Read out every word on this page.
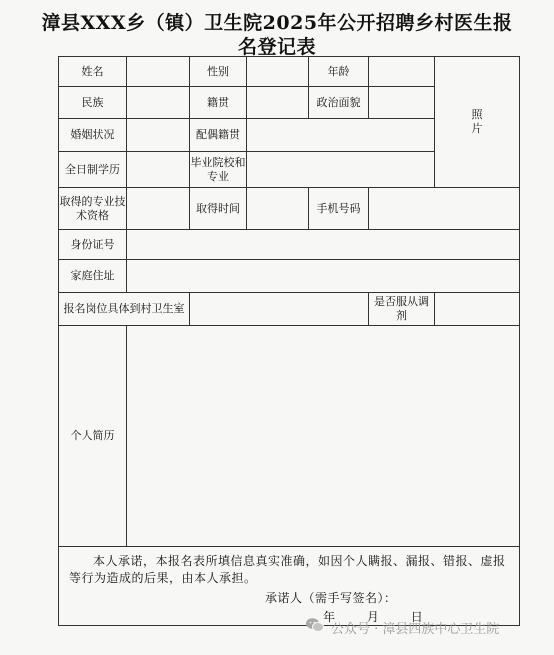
漳县XXX乡（镇）卫生院2025年公开招聘乡村医生报
名登记表
姓名		性别		年龄		照片
民族		籍贯		政治面貌		
婚姻状况		配偶籍贯				
全日制学历		毕业院校和专业				
取得的专业技术资格		取得时间		手机号码		
身份证号						
家庭住址						
报名岗位具体到村卫生室					是否服从调剂	
个人简历						

本人承诺，本报名表所填信息真实准确，如因个人瞒报、漏报、错报、虚报等行为造成的后果，由本人承担。
承诺人（需手写签名）：
年 月 日						
公众号 · 漳县四族中心卫生院
